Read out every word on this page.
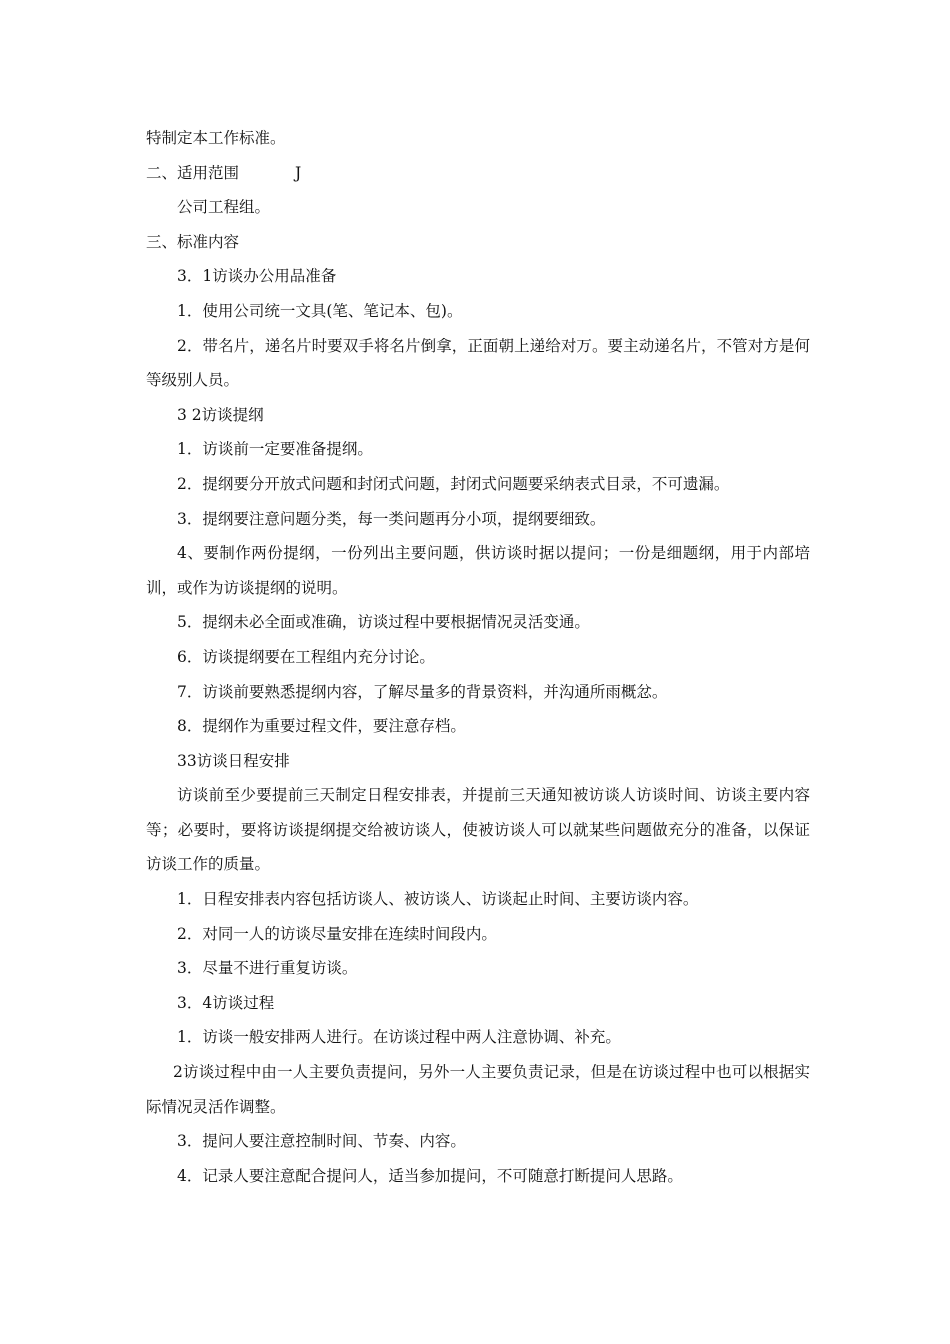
特制定本工作标准。

二、适用范围	J

公司工程组。

三、标准内容

3．1访谈办公用品准备

1．使用公司统一文具(笔、笔记本、包)。

2．带名片，递名片时要双手将名片倒拿，正面朝上递给对万。要主动递名片，不管对方是何等级别人员。

3 2访谈提纲

1．访谈前一定要准备提纲。

2．提纲要分开放式问题和封闭式问题，封闭式问题要采纳表式目录，不可遗漏。

3．提纲要注意问题分类，每一类问题再分小项，提纲要细致。

4、要制作两份提纲，一份列出主要问题，供访谈时据以提问；一份是细题纲，用于内部培训，或作为访谈提纲的说明。

5．提纲未必全面或准确，访谈过程中要根据情况灵活变通。

6．访谈提纲要在工程组内充分讨论。

7．访谈前要熟悉提纲内容，了解尽量多的背景资料，并沟通所雨概忿。

8．提纲作为重要过程文件，要注意存档。

33访谈日程安排

访谈前至少要提前三天制定日程安排表，并提前三天通知被访谈人访谈时间、访谈主要内容等；必要时，要将访谈提纲提交给被访谈人，使被访谈人可以就某些问题做充分的准备，以保证访谈工作的质量。

1．日程安排表内容包括访谈人、被访谈人、访谈起止时间、主要访谈内容。

2．对同一人的访谈尽量安排在连续时间段内。

3．尽量不进行重复访谈。

3．4访谈过程

1．访谈一般安排两人进行。在访谈过程中两人注意协调、补充。

2访谈过程中由一人主要负责提问，另外一人主要负责记录，但是在访谈过程中也可以根据实际情况灵活作调整。

3．提问人要注意控制时间、节奏、内容。

4．记录人要注意配合提问人，适当参加提问，不可随意打断提问人思路。
